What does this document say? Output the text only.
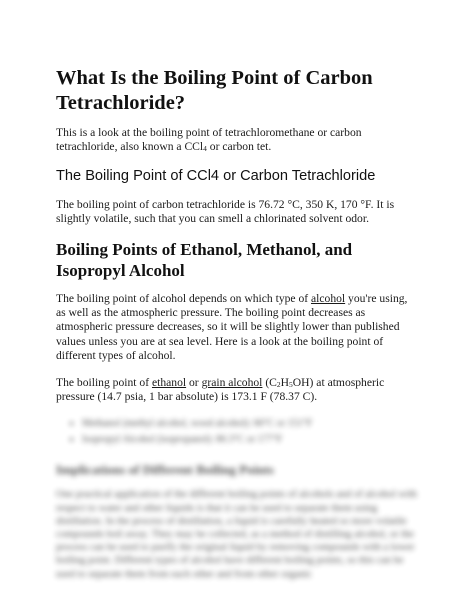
What Is the Boiling Point of Carbon Tetrachloride?

This is a look at the boiling point of tetrachloromethane or carbon tetrachloride, also known a CCl$_4$ or carbon tet.

The Boiling Point of CCl4 or Carbon Tetrachloride

The boiling point of carbon tetrachloride is 76.72 °C, 350 K, 170 °F. It is slightly volatile, such that you can smell a chlorinated solvent odor.

Boiling Points of Ethanol, Methanol, and Isopropyl Alcohol

The boiling point of alcohol depends on which type of alcohol you're using, as well as the atmospheric pressure. The boiling point decreases as atmospheric pressure decreases, so it will be slightly lower than published values unless you are at sea level. Here is a look at the boiling point of different types of alcohol.

The boiling point of ethanol or grain alcohol $(C_2H_5OH)$ at atmospheric pressure (14.7 psia, 1 bar absolute) is 173.1 F (78.37 C).

• Methanol (methyl alcohol, wood alcohol): 66°C or 151°F
• Isopropyl Alcohol (isopropanol): 80.3°C or 177°F
Implications of Different Boiling Points

One practical application of the different boiling points of alcohols and of alcohol with respect to water and other liquids is that it can be used to separate them using distillation. In the process of distillation, a liquid is carefully heated so more volatile compounds boil away. They may be collected, as a method of distilling alcohol, or the process can be used to purify the original liquid by removing compounds with a lower boiling point. Different types of alcohol have different boiling points, so this can be used to separate them from each other and from other organic
